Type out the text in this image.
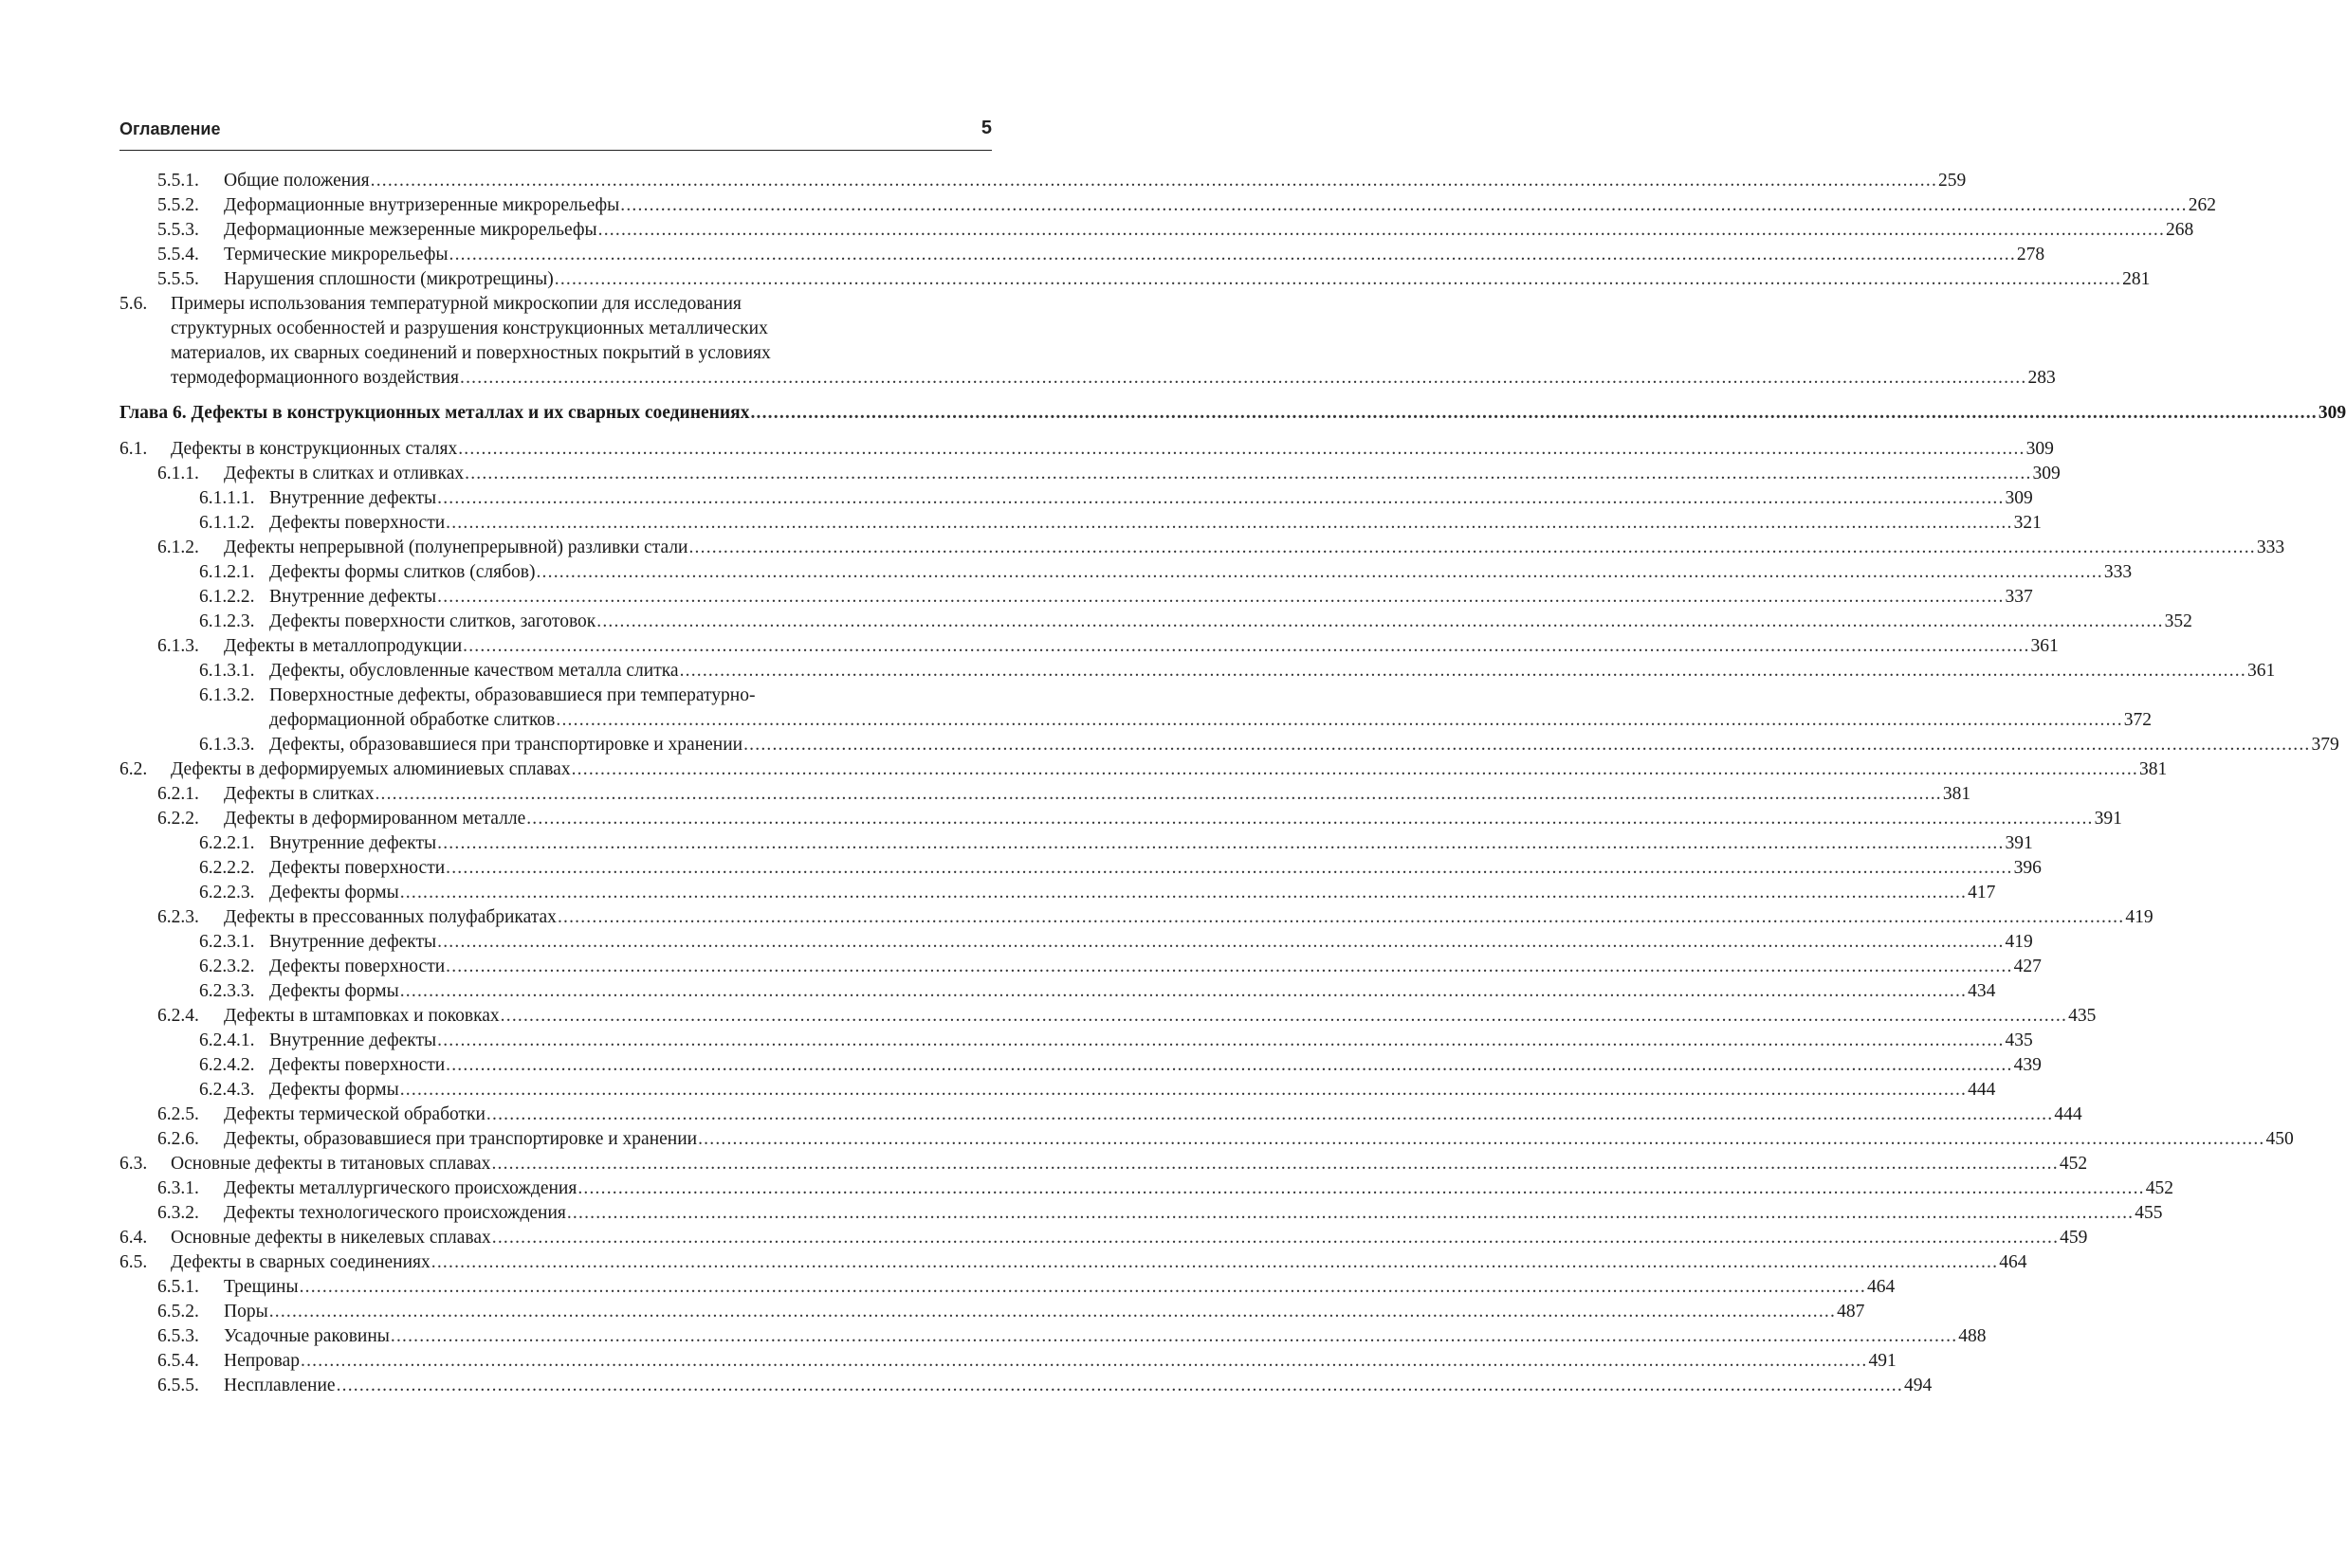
Оглавление	5
5.5.1. Общие положения ................................................................................................................................................................................................................................................................................ 259
5.5.2. Деформационные внутризеренные микрорельефы ................................................................................................................................................................................................................................................................................ 262
5.5.3. Деформационные межзеренные микрорельефы ................................................................................................................................................................................................................................................................................ 268
5.5.4. Термические микрорельефы ................................................................................................................................................................................................................................................................................ 278
5.5.5. Нарушения сплошности (микротрещины) ................................................................................................................................................................................................................................................................................ 281
5.6. Примеры использования температурной микроскопии для исследования
структурных особенностей и разрушения конструкционных металлических
материалов, их сварных соединений и поверхностных покрытий в условиях
термодеформационного воздействия ................................................................................................................................................................................................................................................................................ 283
Глава 6. Дефекты в конструкционных металлах и их сварных соединениях ................................................................................................................................................................................................................................................................................ 309
6.1. Дефекты в конструкционных сталях ................................................................................................................................................................................................................................................................................ 309
6.1.1. Дефекты в слитках и отливках ................................................................................................................................................................................................................................................................................ 309
6.1.1.1. Внутренние дефекты ................................................................................................................................................................................................................................................................................ 309
6.1.1.2. Дефекты поверхности ................................................................................................................................................................................................................................................................................ 321
6.1.2. Дефекты непрерывной (полунепрерывной) разливки стали ................................................................................................................................................................................................................................................................................ 333
6.1.2.1. Дефекты формы слитков (слябов) ................................................................................................................................................................................................................................................................................ 333
6.1.2.2. Внутренние дефекты ................................................................................................................................................................................................................................................................................ 337
6.1.2.3. Дефекты поверхности слитков, заготовок ................................................................................................................................................................................................................................................................................ 352
6.1.3. Дефекты в металлопродукции ................................................................................................................................................................................................................................................................................ 361
6.1.3.1. Дефекты, обусловленные качеством металла слитка ................................................................................................................................................................................................................................................................................ 361
6.1.3.2. Поверхностные дефекты, образовавшиеся при температурно-
деформационной обработке слитков ................................................................................................................................................................................................................................................................................ 372
6.1.3.3. Дефекты, образовавшиеся при транспортировке и хранении ................................................................................................................................................................................................................................................................................ 379
6.2. Дефекты в деформируемых алюминиевых сплавах ................................................................................................................................................................................................................................................................................ 381
6.2.1. Дефекты в слитках ................................................................................................................................................................................................................................................................................ 381
6.2.2. Дефекты в деформированном металле ................................................................................................................................................................................................................................................................................ 391
6.2.2.1. Внутренние дефекты ................................................................................................................................................................................................................................................................................ 391
6.2.2.2. Дефекты поверхности ................................................................................................................................................................................................................................................................................ 396
6.2.2.3. Дефекты формы ................................................................................................................................................................................................................................................................................ 417
6.2.3. Дефекты в прессованных полуфабрикатах ................................................................................................................................................................................................................................................................................ 419
6.2.3.1. Внутренние дефекты ................................................................................................................................................................................................................................................................................ 419
6.2.3.2. Дефекты поверхности ................................................................................................................................................................................................................................................................................ 427
6.2.3.3. Дефекты формы ................................................................................................................................................................................................................................................................................ 434
6.2.4. Дефекты в штамповках и поковках ................................................................................................................................................................................................................................................................................ 435
6.2.4.1. Внутренние дефекты ................................................................................................................................................................................................................................................................................ 435
6.2.4.2. Дефекты поверхности ................................................................................................................................................................................................................................................................................ 439
6.2.4.3. Дефекты формы ................................................................................................................................................................................................................................................................................ 444
6.2.5. Дефекты термической обработки ................................................................................................................................................................................................................................................................................ 444
6.2.6. Дефекты, образовавшиеся при транспортировке и хранении ................................................................................................................................................................................................................................................................................ 450
6.3. Основные дефекты в титановых сплавах ................................................................................................................................................................................................................................................................................ 452
6.3.1. Дефекты металлургического происхождения ................................................................................................................................................................................................................................................................................ 452
6.3.2. Дефекты технологического происхождения ................................................................................................................................................................................................................................................................................ 455
6.4. Основные дефекты в никелевых сплавах ................................................................................................................................................................................................................................................................................ 459
6.5. Дефекты в сварных соединениях ................................................................................................................................................................................................................................................................................ 464
6.5.1. Трещины ................................................................................................................................................................................................................................................................................ 464
6.5.2. Поры ................................................................................................................................................................................................................................................................................ 487
6.5.3. Усадочные раковины ................................................................................................................................................................................................................................................................................ 488
6.5.4. Непровар ................................................................................................................................................................................................................................................................................ 491
6.5.5. Несплавление ................................................................................................................................................................................................................................................................................ 494
